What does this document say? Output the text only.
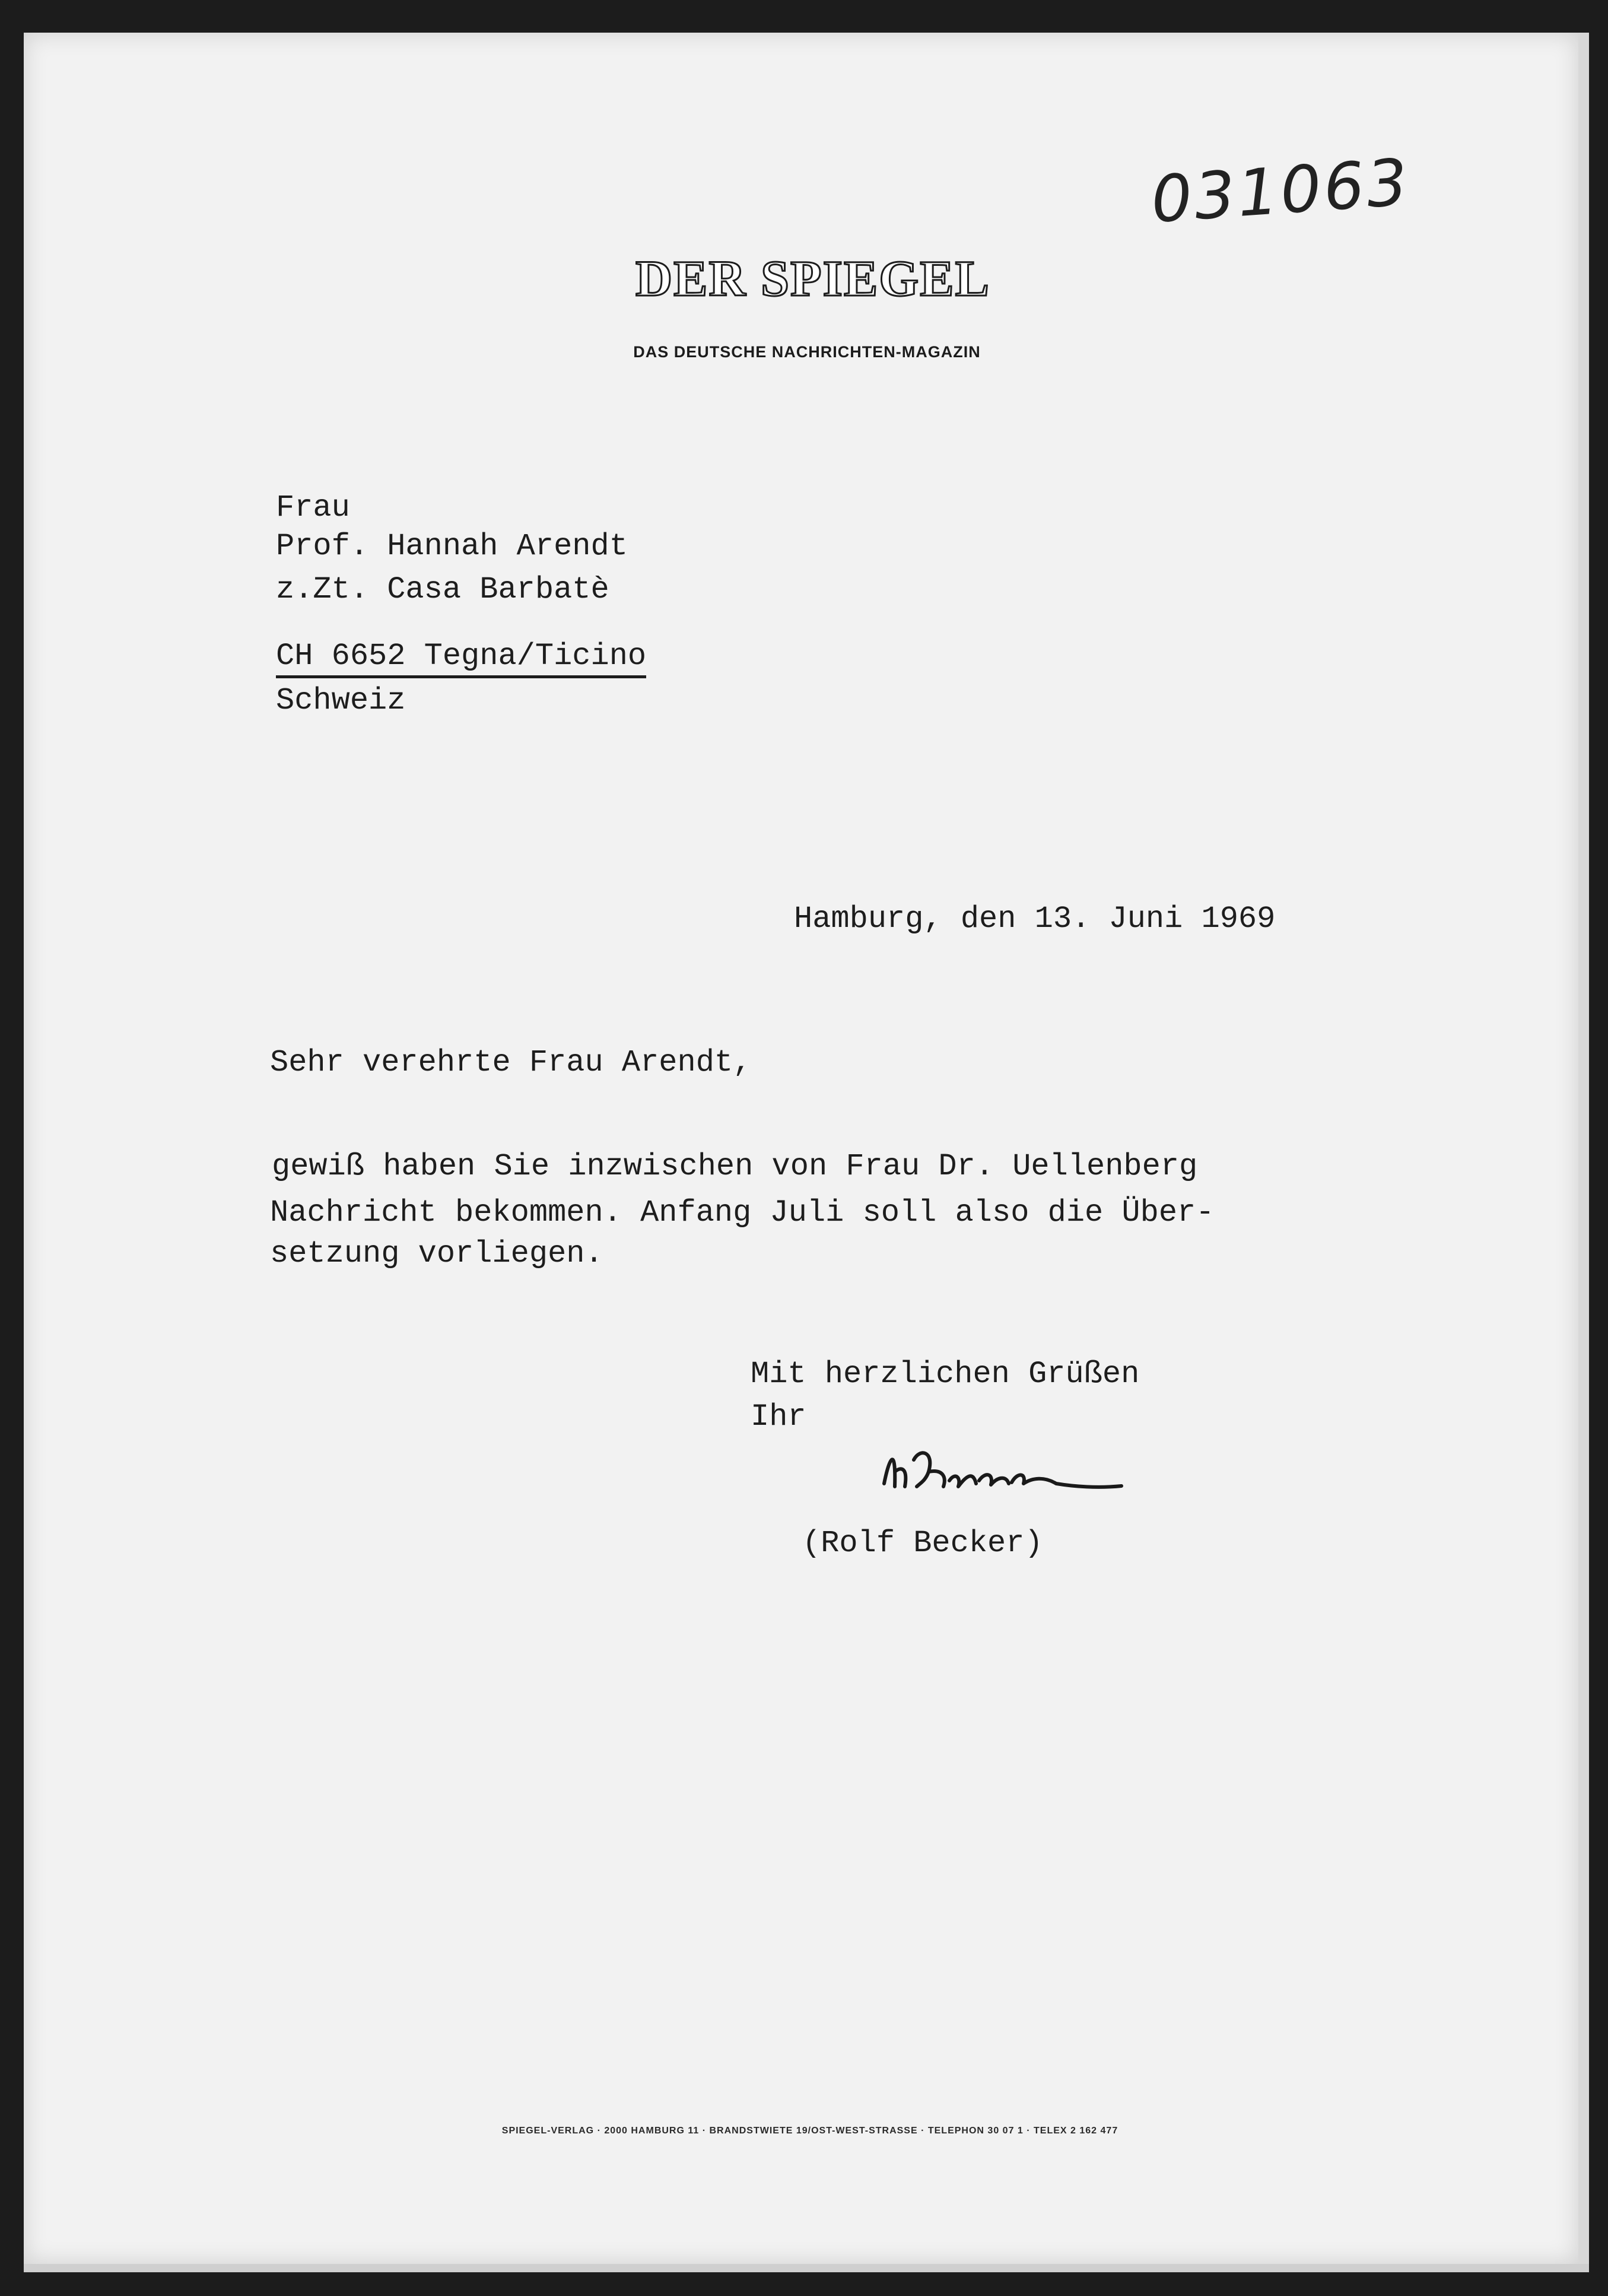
031063
DER SPIEGEL
DAS DEUTSCHE NACHRICHTEN-MAGAZIN
Frau
Prof. Hannah Arendt
z.Zt. Casa Barbatè
CH 6652 Tegna/Ticino
Schweiz
Hamburg, den 13. Juni 1969
Sehr verehrte Frau Arendt,
gewiß haben Sie inzwischen von Frau Dr. Uellenberg
Nachricht bekommen. Anfang Juli soll also die Über-
setzung vorliegen.
Mit herzlichen Grüßen
Ihr
(Rolf Becker)
SPIEGEL-VERLAG · 2000 HAMBURG 11 · BRANDSTWIETE 19/OST-WEST-STRASSE · TELEPHON 30 07 1 · TELEX 2 162 477
